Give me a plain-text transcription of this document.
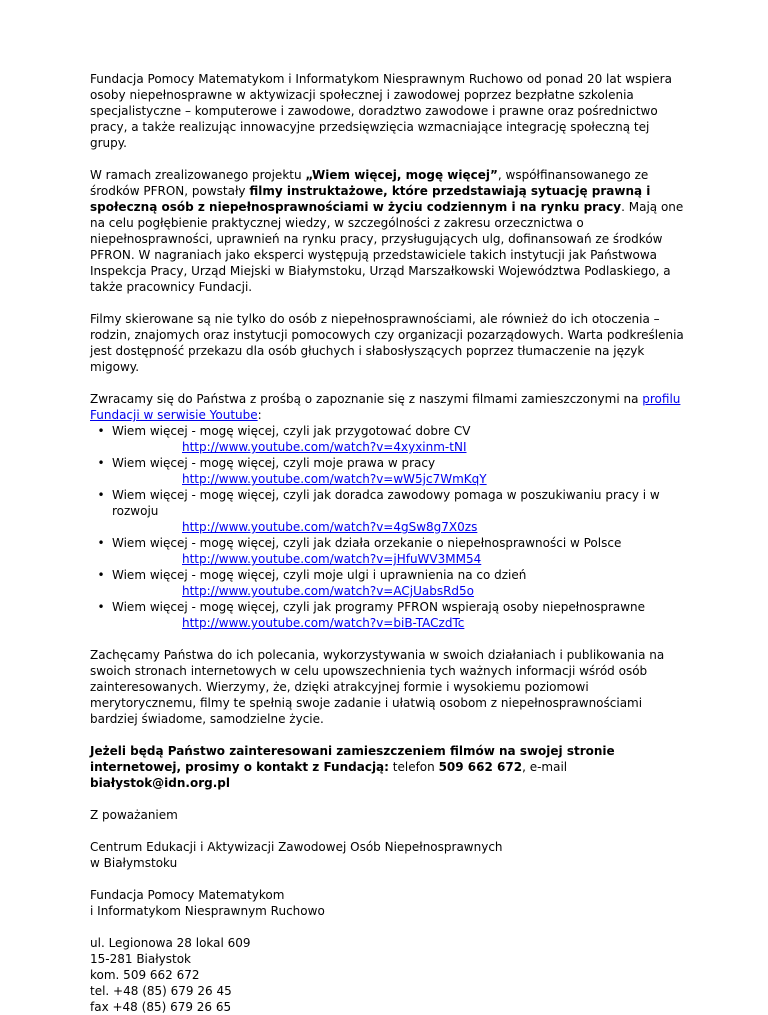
Fundacja Pomocy Matematykom i Informatykom Niesprawnym Ruchowo od ponad 20 lat wspiera osoby niepełnosprawne w aktywizacji społecznej i zawodowej poprzez bezpłatne szkolenia specjalistyczne – komputerowe i zawodowe, doradztwo zawodowe i prawne oraz pośrednictwo pracy, a także realizując innowacyjne przedsięwzięcia wzmacniające integrację społeczną tej grupy.

W ramach zrealizowanego projektu „Wiem więcej, mogę więcej”, współfinansowanego ze środków PFRON, powstały filmy instruktażowe, które przedstawiają sytuację prawną i społeczną osób z niepełnosprawnościami w życiu codziennym i na rynku pracy. Mają one na celu pogłębienie praktycznej wiedzy, w szczególności z zakresu orzecznictwa o niepełnosprawności, uprawnień na rynku pracy, przysługujących ulg, dofinansowań ze środków PFRON. W nagraniach jako eksperci występują przedstawiciele takich instytucji jak Państwowa Inspekcja Pracy, Urząd Miejski w Białymstoku, Urząd Marszałkowski Województwa Podlaskiego, a także pracownicy Fundacji.

Filmy skierowane są nie tylko do osób z niepełnosprawnościami, ale również do ich otoczenia – rodzin, znajomych oraz instytucji pomocowych czy organizacji pozarządowych. Warta podkreślenia jest dostępność przekazu dla osób głuchych i słabosłyszących poprzez tłumaczenie na język migowy.

Zwracamy się do Państwa z prośbą o zapoznanie się z naszymi filmami zamieszczonymi na profilu Fundacji w serwisie Youtube:
• Wiem więcej - mogę więcej, czyli jak przygotować dobre CV
http://www.youtube.com/watch?v=4xyxinm-tNI
• Wiem więcej - mogę więcej, czyli moje prawa w pracy
http://www.youtube.com/watch?v=wW5jc7WmKqY
• Wiem więcej - mogę więcej, czyli jak doradca zawodowy pomaga w poszukiwaniu pracy i w rozwoju
http://www.youtube.com/watch?v=4gSw8g7X0zs
• Wiem więcej - mogę więcej, czyli jak działa orzekanie o niepełnosprawności w Polsce
http://www.youtube.com/watch?v=jHfuWV3MM54
• Wiem więcej - mogę więcej, czyli moje ulgi i uprawnienia na co dzień
http://www.youtube.com/watch?v=ACjUabsRd5o
• Wiem więcej - mogę więcej, czyli jak programy PFRON wspierają osoby niepełnosprawne
http://www.youtube.com/watch?v=biB-TACzdTc

Zachęcamy Państwa do ich polecania, wykorzystywania w swoich działaniach i publikowania na swoich stronach internetowych w celu upowszechnienia tych ważnych informacji wśród osób zainteresowanych. Wierzymy, że, dzięki atrakcyjnej formie i wysokiemu poziomowi merytorycznemu, filmy te spełnią swoje zadanie i ułatwią osobom z niepełnosprawnościami bardziej świadome, samodzielne życie.

Jeżeli będą Państwo zainteresowani zamieszczeniem filmów na swojej stronie internetowej, prosimy o kontakt z Fundacją: telefon 509 662 672, e-mail białystok@idn.org.pl

Z poważaniem

Centrum Edukacji i Aktywizacji Zawodowej Osób Niepełnosprawnych
w Białymstoku

Fundacja Pomocy Matematykom
i Informatykom Niesprawnym Ruchowo

ul. Legionowa 28 lokal 609
15-281 Białystok
kom. 509 662 672
tel. +48 (85) 679 26 45
fax +48 (85) 679 26 65
